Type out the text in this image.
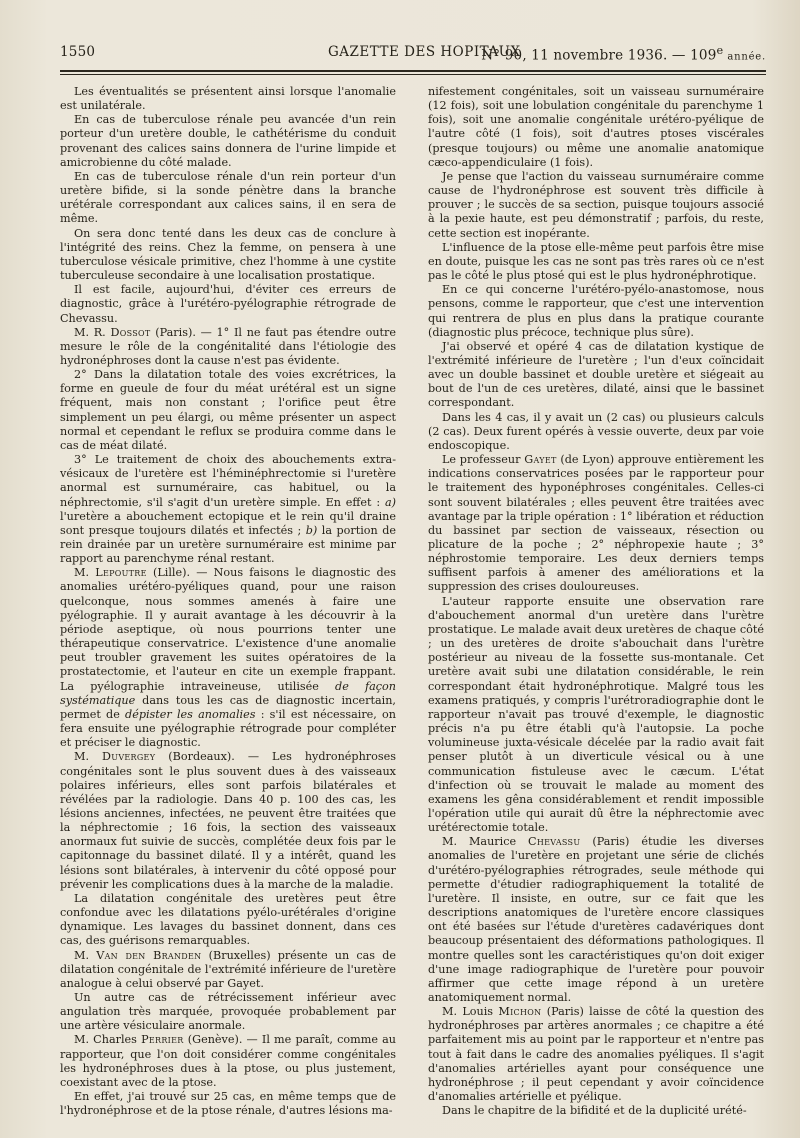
1550	GAZETTE DES HOPITAUX
N° 90, 11 novembre 1936. — 109e année.

Les éventualités se présentent ainsi lorsque l'anomalie est unilatérale.

En cas de tuberculose rénale peu avancée d'un rein porteur d'un uretère double, le cathétérisme du conduit provenant des calices sains donnera de l'urine limpide et amicrobienne du côté malade.

En cas de tuberculose rénale d'un rein porteur d'un uretère bifide, si la sonde pénètre dans la branche urétérale correspondant aux calices sains, il en sera de même.

On sera donc tenté dans les deux cas de conclure à l'intégrité des reins. Chez la femme, on pensera à une tuberculose vésicale primitive, chez l'homme à une cystite tuberculeuse secondaire à une localisation prostatique.

Il est facile, aujourd'hui, d'éviter ces erreurs de diagnostic, grâce à l'urétéro-pyélographie rétrograde de Chevassu.

M. R. Dossot (Paris). — 1° Il ne faut pas étendre outre mesure le rôle de la congénitalité dans l'étiologie des hydronéphroses dont la cause n'est pas évidente.

2° Dans la dilatation totale des voies excrétrices, la forme en gueule de four du méat urétéral est un signe fréquent, mais non constant ; l'orifice peut être simplement un peu élargi, ou même présenter un aspect normal et cependant le reflux se produira comme dans le cas de méat dilaté.

3° Le traitement de choix des abouchements extra-vésicaux de l'uretère est l'héminéphrectomie si l'uretère anormal est surnuméraire, cas habituel, ou la néphrectomie, s'il s'agit d'un uretère simple. En effet : a) l'uretère a abouchement ectopique et le rein qu'il draine sont presque toujours dilatés et infectés ; b) la portion de rein drainée par un uretère surnuméraire est minime par rapport au parenchyme rénal restant.

M. Lepoutre (Lille). — Nous faisons le diagnostic des anomalies urétéro-pyéliques quand, pour une raison quelconque, nous sommes amenés à faire une pyélographie. Il y aurait avantage à les découvrir à la période aseptique, où nous pourrions tenter une thérapeutique conservatrice. L'existence d'une anomalie peut troubler gravement les suites opératoires de la prostatectomie, et l'auteur en cite un exemple frappant. La pyélographie intraveineuse, utilisée de façon systématique dans tous les cas de diagnostic incertain, permet de dépister les anomalies : s'il est nécessaire, on fera ensuite une pyélographie rétrograde pour compléter et préciser le diagnostic.

M. Duvergey (Bordeaux). — Les hydronéphroses congénitales sont le plus souvent dues à des vaisseaux polaires inférieurs, elles sont parfois bilatérales et révélées par la radiologie. Dans 40 p. 100 des cas, les lésions anciennes, infectées, ne peuvent être traitées que la néphrectomie ; 16 fois, la section des vaisseaux anormaux fut suivie de succès, complétée deux fois par le capitonnage du bassinet dilaté. Il y a intérêt, quand les lésions sont bilatérales, à intervenir du côté opposé pour prévenir les complications dues à la marche de la maladie.

La dilatation congénitale des uretères peut être confondue avec les dilatations pyélo-urétérales d'origine dynamique. Les lavages du bassinet donnent, dans ces cas, des guérisons remarquables.

M. Van den Branden (Bruxelles) présente un cas de dilatation congénitale de l'extrémité inférieure de l'uretère analogue à celui observé par Gayet.

Un autre cas de rétrécissement inférieur avec angulation très marquée, provoquée probablement par une artère vésiculaire anormale.

M. Charles Perrier (Genève). — Il me paraît, comme au rapporteur, que l'on doit considérer comme congénitales les hydronéphroses dues à la ptose, ou plus justement, coexistant avec de la ptose.

En effet, j'ai trouvé sur 25 cas, en même temps que de l'hydronéphrose et de la ptose rénale, d'autres lésions ma-

nifestement congénitales, soit un vaisseau surnuméraire (12 fois), soit une lobulation congénitale du parenchyme 1 fois), soit une anomalie congénitale urétéro-pyélique de l'autre côté (1 fois), soit d'autres ptoses viscérales (presque toujours) ou même une anomalie anatomique cæco-appendiculaire (1 fois).

Je pense que l'action du vaisseau surnuméraire comme cause de l'hydronéphrose est souvent très difficile à prouver ; le succès de sa section, puisque toujours associé à la pexie haute, est peu démonstratif ; parfois, du reste, cette section est inopérante.

L'influence de la ptose elle-même peut parfois être mise en doute, puisque les cas ne sont pas très rares où ce n'est pas le côté le plus ptosé qui est le plus hydronéphrotique.

En ce qui concerne l'urétéro-pyélo-anastomose, nous pensons, comme le rapporteur, que c'est une intervention qui rentrera de plus en plus dans la pratique courante (diagnostic plus précoce, technique plus sûre).

J'ai observé et opéré 4 cas de dilatation kystique de l'extrémité inférieure de l'uretère ; l'un d'eux coïncidait avec un double bassinet et double uretère et siégeait au bout de l'un de ces uretères, dilaté, ainsi que le bassinet correspondant.

Dans les 4 cas, il y avait un (2 cas) ou plusieurs calculs (2 cas). Deux furent opérés à vessie ouverte, deux par voie endoscopique.

Le professeur Gayet (de Lyon) approuve entièrement les indications conservatrices posées par le rapporteur pour le traitement des hyponéphroses congénitales. Celles-ci sont souvent bilatérales ; elles peuvent être traitées avec avantage par la triple opération : 1° libération et réduction du bassinet par section de vaisseaux, résection ou plicature de la poche ; 2° néphropexie haute ; 3° néphrostomie temporaire. Les deux derniers temps suffisent parfois à amener des améliorations et la suppression des crises douloureuses.

L'auteur rapporte ensuite une observation rare d'abouchement anormal d'un uretère dans l'urètre prostatique. Le malade avait deux uretères de chaque côté ; un des uretères de droite s'abouchait dans l'urètre postérieur au niveau de la fossette sus-montanale. Cet uretère avait subi une dilatation considérable, le rein correspondant était hydronéphrotique. Malgré tous les examens pratiqués, y compris l'urétroradiographie dont le rapporteur n'avait pas trouvé d'exemple, le diagnostic précis n'a pu être établi qu'à l'autopsie. La poche volumineuse juxta-vésicale décelée par la radio avait fait penser plutôt à un diverticule vésical ou à une communication fistuleuse avec le cæcum. L'état d'infection où se trouvait le malade au moment des examens les gêna considérablement et rendit impossible l'opération utile qui aurait dû être la néphrectomie avec urétérectomie totale.

M. Maurice Chevassu (Paris) étudie les diverses anomalies de l'uretère en projetant une série de clichés d'urétéro-pyélographies rétrogrades, seule méthode qui permette d'étudier radiographiquement la totalité de l'uretère. Il insiste, en outre, sur ce fait que les descriptions anatomiques de l'uretère encore classiques ont été basées sur l'étude d'uretères cadavériques dont beaucoup présentaient des déformations pathologiques. Il montre quelles sont les caractéristiques qu'on doit exiger d'une image radiographique de l'uretère pour pouvoir affirmer que cette image répond à un uretère anatomiquement normal.

M. Louis Michon (Paris) laisse de côté la question des hydronéphroses par artères anormales ; ce chapitre a été parfaitement mis au point par le rapporteur et n'entre pas tout à fait dans le cadre des anomalies pyéliques. Il s'agit d'anomalies artérielles ayant pour conséquence une hydronéphrose ; il peut cependant y avoir coïncidence d'anomalies artérielle et pyélique.

Dans le chapitre de la bifidité et de la duplicité urété-
